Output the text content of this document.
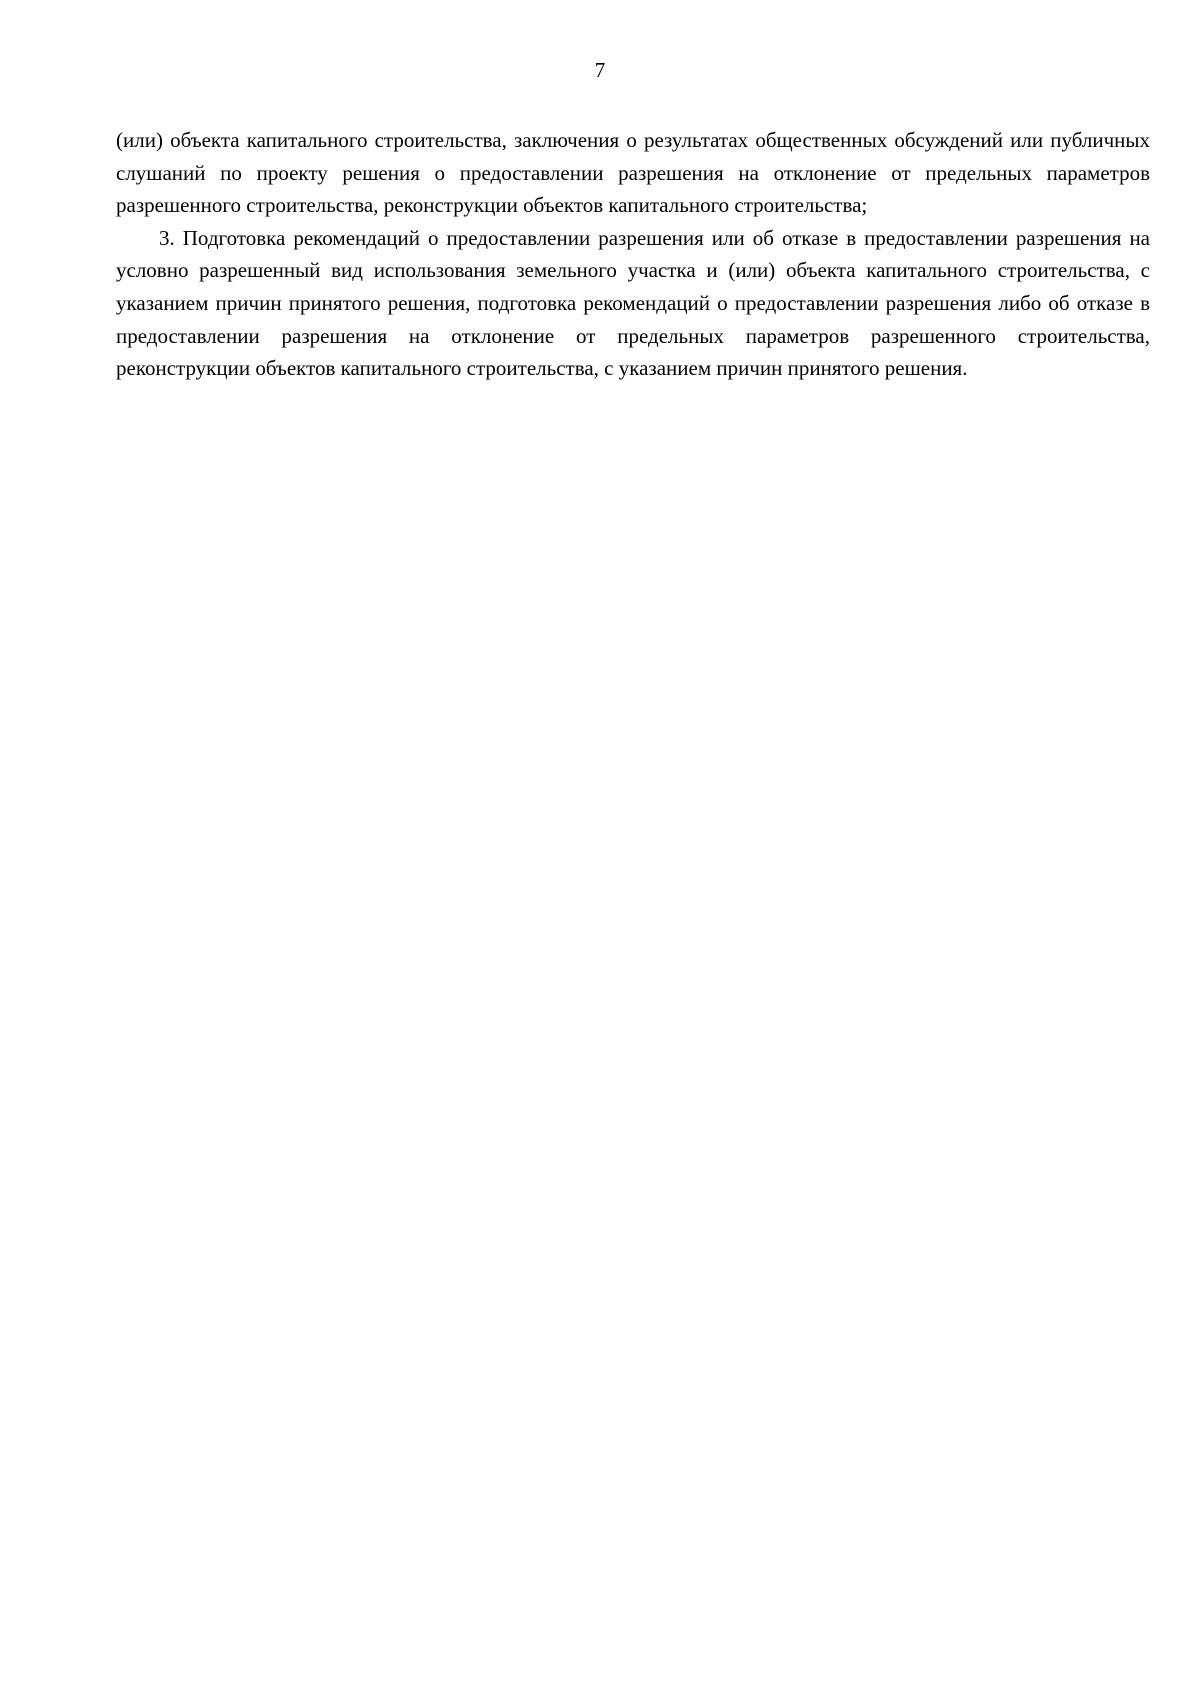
7

(или) объекта капитального строительства, заключения о результатах общественных обсуждений или публичных слушаний по проекту решения о предоставлении разрешения на отклонение от предельных параметров разрешенного строительства, реконструкции объектов капитального строительства;

3. Подготовка рекомендаций о предоставлении разрешения или об отказе в предоставлении разрешения на условно разрешенный вид использования земельного участка и (или) объекта капитального строительства, с указанием причин принятого решения, подготовка рекомендаций о предоставлении разрешения либо об отказе в предоставлении разрешения на отклонение от предельных параметров разрешенного строительства, реконструкции объектов капитального строительства, с указанием причин принятого решения.
